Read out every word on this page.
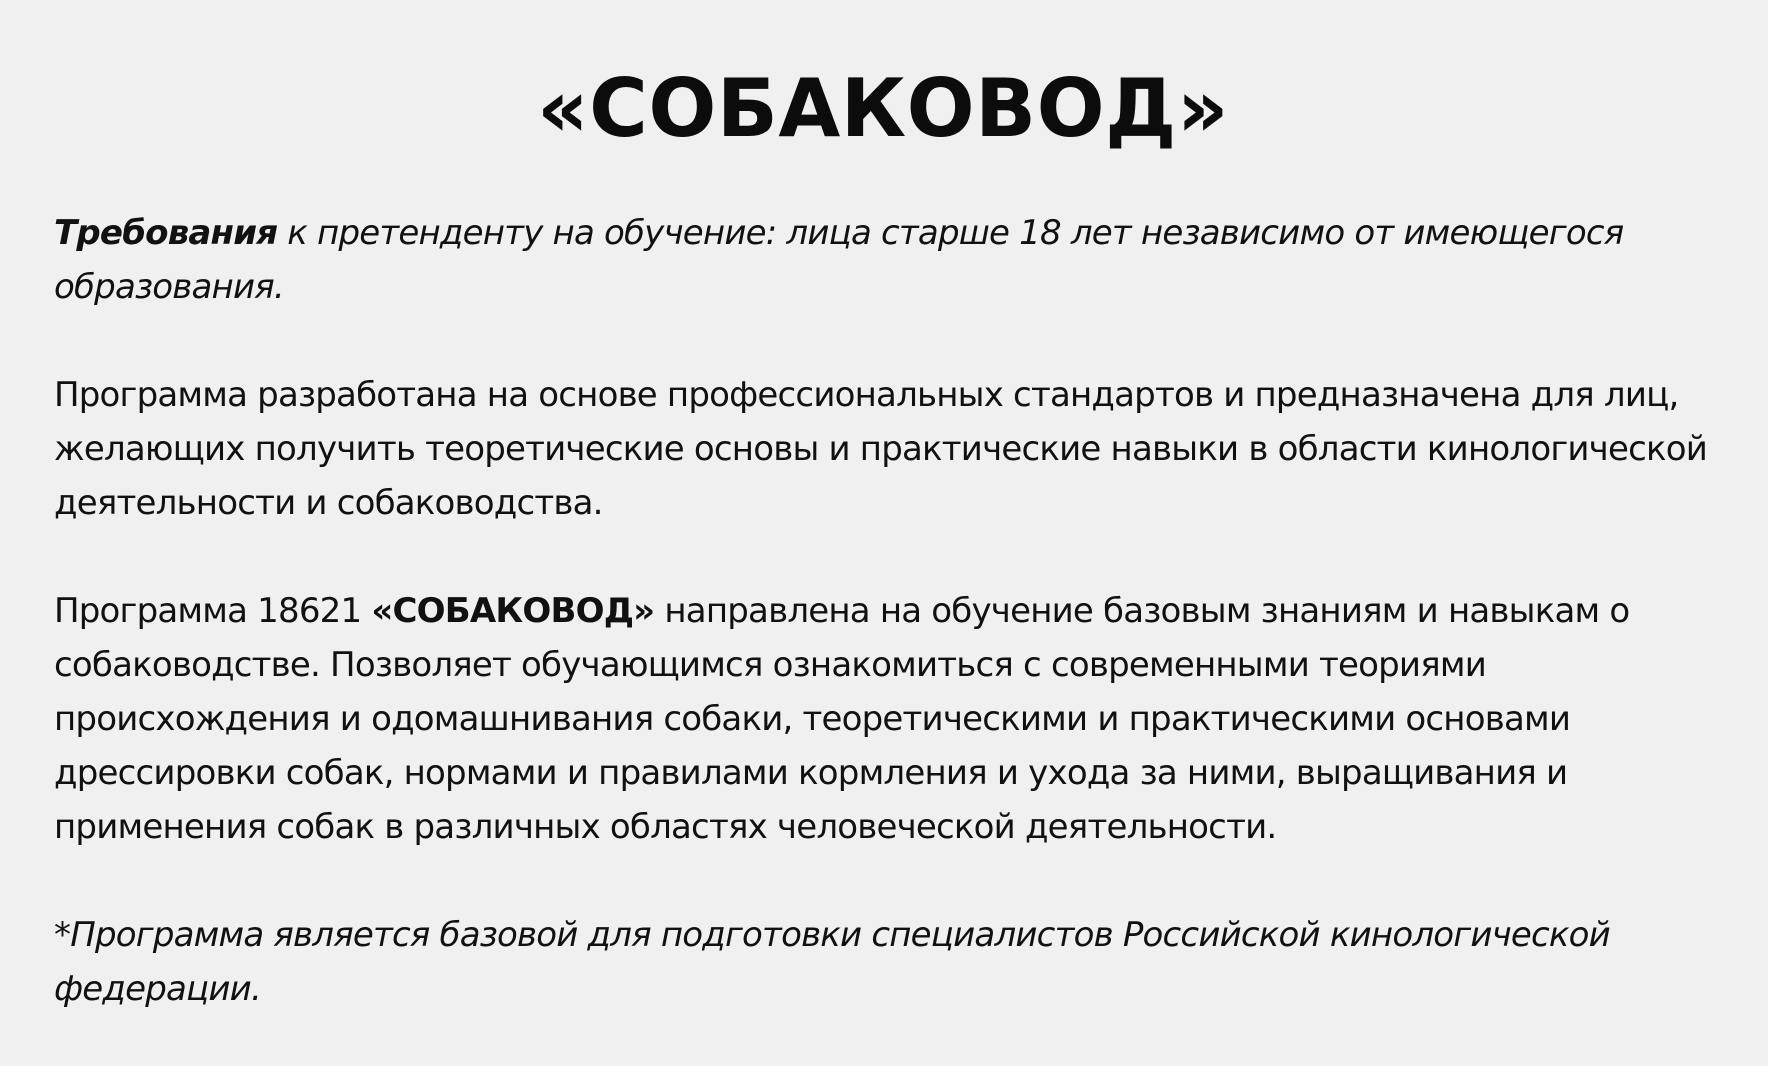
«СОБАКОВОД»

Требования к претенденту на обучение: лица старше 18 лет независимо от имеющегося образования.

Программа разработана на основе профессиональных стандартов и предназначена для лиц, желающих получить теоретические основы и практические навыки в области кинологической деятельности и собаководства.

Программа 18621 «СОБАКОВОД» направлена на обучение базовым знаниям и навыкам о собаководстве. Позволяет обучающимся ознакомиться с современными теориями происхождения и одомашнивания собаки, теоретическими и практическими основами дрессировки собак, нормами и правилами кормления и ухода за ними, выращивания и применения собак в различных областях человеческой деятельности.

*Программа является базовой для подготовки специалистов Российской кинологической федерации.
